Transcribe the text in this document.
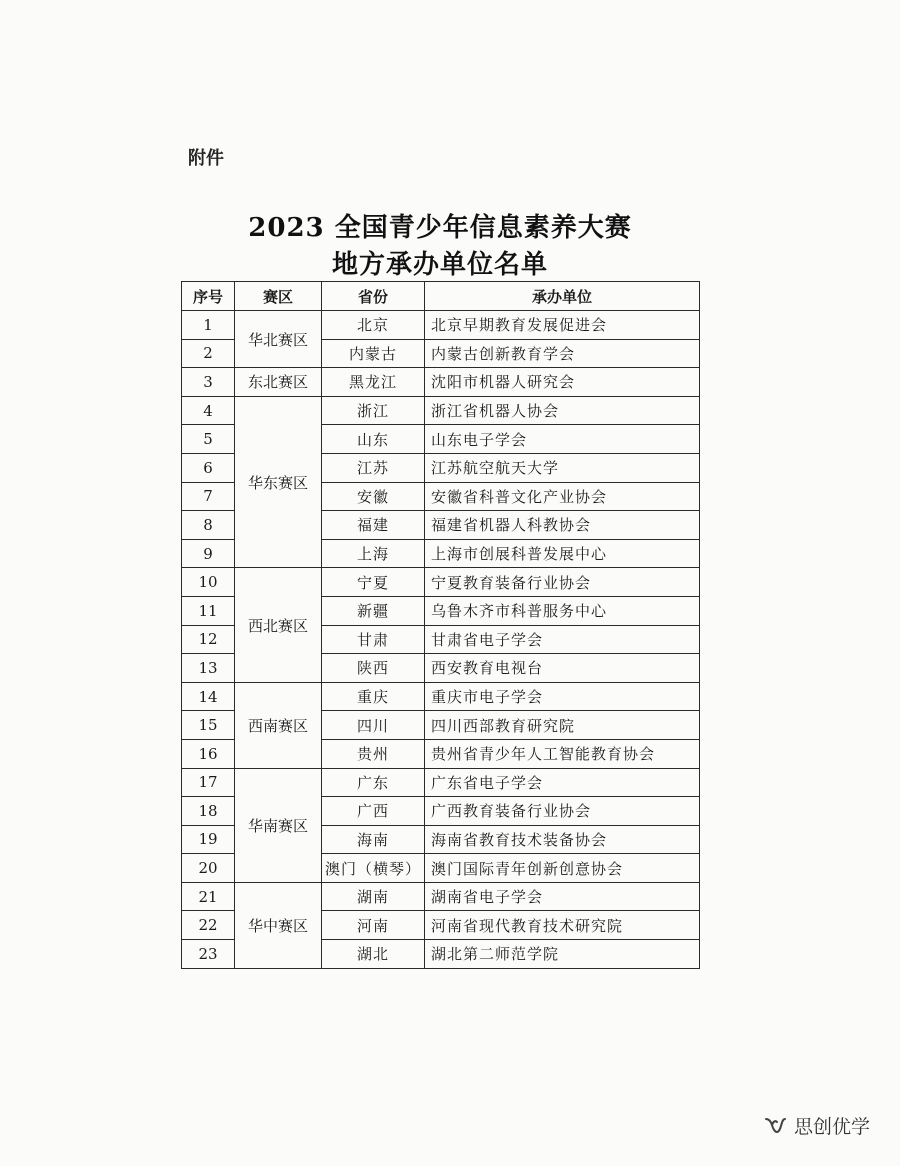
附件
2023 全国青少年信息素养大赛
地方承办单位名单
序号	赛区	省份	承办单位
1	华北赛区	北京	北京早期教育发展促进会
2		内蒙古	内蒙古创新教育学会
3	东北赛区	黑龙江	沈阳市机器人研究会
4	华东赛区	浙江	浙江省机器人协会
5		山东	山东电子学会
6		江苏	江苏航空航天大学
7		安徽	安徽省科普文化产业协会
8		福建	福建省机器人科教协会
9		上海	上海市创展科普发展中心
10	西北赛区	宁夏	宁夏教育装备行业协会
11		新疆	乌鲁木齐市科普服务中心
12		甘肃	甘肃省电子学会
13		陕西	西安教育电视台
14	西南赛区	重庆	重庆市电子学会
15		四川	四川西部教育研究院
16		贵州	贵州省青少年人工智能教育协会
17	华南赛区	广东	广东省电子学会
18		广西	广西教育装备行业协会
19		海南	海南省教育技术装备协会
20		澳门（横琴）	澳门国际青年创新创意协会
21	华中赛区	湖南	湖南省电子学会
22		河南	河南省现代教育技术研究院
23		湖北	湖北第二师范学院
思创优学
